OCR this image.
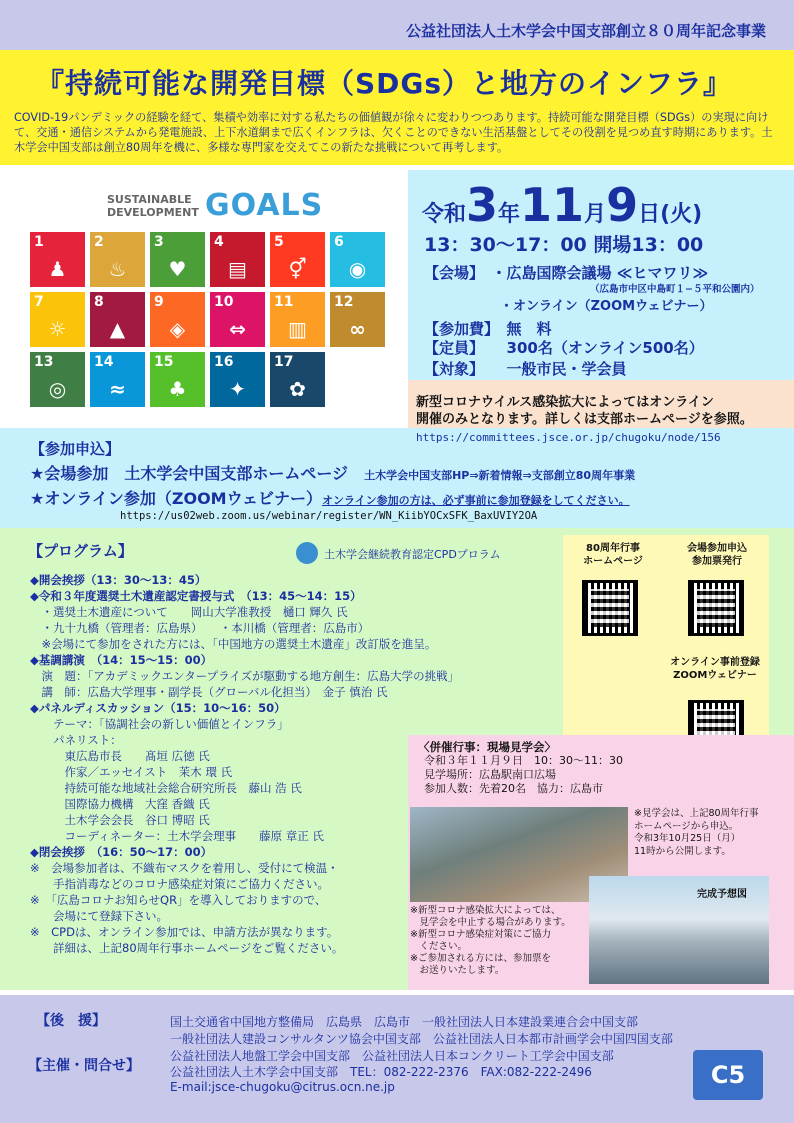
公益社団法人土木学会中国支部創立８０周年記念事業
『持続可能な開発目標（SDGs）と地方のインフラ』
COVID-19パンデミックの経験を経て、集積や効率に対する私たちの価値観が徐々に変わりつつあります。持続可能な開発目標（SDGs）の実現に向けて、交通・通信システムから発電施設、上下水道網まで広くインフラは、欠くことのできない生活基盤としてその役割を見つめ直す時期にあります。土木学会中国支部は創立80周年を機に、多様な専門家を交えてこの新たな挑戦について再考します。
SUSTAINABLE
DEVELOPMENT GOALS
1
♟
2
♨
3
♥
4
▤
5
⚥
6
◉
7
☼
8
▲
9
◈
10
⇔
11
▥
12
∞
13
◎
14
≈
15
♣
16
✦
17
✿
令和3年11月9日(火)
13：30〜17：00 開場13：00
【会場】　 ・広島国際会議場 ≪ヒマワリ≫
（広島市中区中島町１−５平和公園内）
・オンライン（ZOOMウェビナー）
【参加費】　 無　料
【定員】　　 300名（オンライン500名）
【対象】　　 一般市民・学会員
新型コロナウイルス感染拡大によってはオンライン
開催のみとなります。詳しくは支部ホームページを参照。
https://committees.jsce.or.jp/chugoku/node/156
【参加申込】
★会場参加　 土木学会中国支部ホームページ　 土木学会中国支部HP⇒新着情報⇒支部創立80周年事業
★オンライン参加（ZOOMウェビナー）オンライン参加の方は、必ず事前に参加登録をしてください。
https://us02web.zoom.us/webinar/register/WN_KiibYOCxSFK_BaxUVIY2OA
【プログラム】	土木学会継続教育認定CPDプロラム
◆開会挨拶（13：30〜13：45）
◆令和３年度選奨土木遺産認定書授与式　（13：45〜14：15）
　・選奨土木遺産について　　岡山大学准教授　樋口 輝久 氏
　・九十九橋（管理者：広島県）　　・本川橋（管理者：広島市）
　※会場にて参加をされた方には、「中国地方の選奨土木遺産」改訂版を進呈。
◆基調講演　（14：15〜15：00）
　演　題：「アカデミックエンタープライズが駆動する地方創生：広島大学の挑戦」
　講　師：広島大学理事・副学長（グローバル化担当）　金子 慎治 氏
◆パネルディスカッション（15：10〜16：50）
　　テーマ：「協調社会の新しい価値とインフラ」
　　パネリスト：
　　　東広島市長　　髙垣 広徳 氏
　　　作家／エッセイスト　茉木 環 氏
　　　持続可能な地域社会総合研究所長　藤山 浩 氏
　　　国際協力機構　大窪 香織 氏
　　　土木学会会長　谷口 博昭 氏
　　　コーディネーター：土木学会理事　　藤原 章正 氏
◆閉会挨拶　（16：50〜17：00）
※　会場参加者は、不織布マスクを着用し、受付にて検温・
　　手指消毒などのコロナ感染症対策にご協力ください。
※　「広島コロナお知らせQR」を導入しておりますので、
　　会場にて登録下さい。
※　CPDは、オンライン参加では、申請方法が異なります。
　　詳細は、上記80周年行事ホームページをご覧ください。
80周年行事
ホームページ
会場参加申込
参加票発行
オンライン事前登録
ZOOMウェビナー
〈併催行事：現場見学会〉
令和３年１１月９日　10：30〜11：30
見学場所：広島駅南口広場
参加人数：先着20名　協力：広島市
※見学会は、上記80周年行事
ホームページから申込。
令和3年10月25日（月）
11時から公開します。
完成予想図
※新型コロナ感染拡大によっては、
　見学会を中止する場合があります。
※新型コロナ感染症対策にご協力
　ください。
※ご参加される方には、参加票を
　お送りいたします。
【後　援】	国土交通省中国地方整備局　広島県　広島市　一般社団法人日本建設業連合会中国支部
一般社団法人建設コンサルタンツ協会中国支部　公益社団法人日本都市計画学会中国四国支部
公益社団法人地盤工学会中国支部　公益社団法人日本コンクリート工学会中国支部
【主催・問合せ】	公益社団法人土木学会中国支部　TEL：082-222-2376　FAX:082-222-2496
E-mail:jsce-chugoku@citrus.ocn.ne.jp	C5
